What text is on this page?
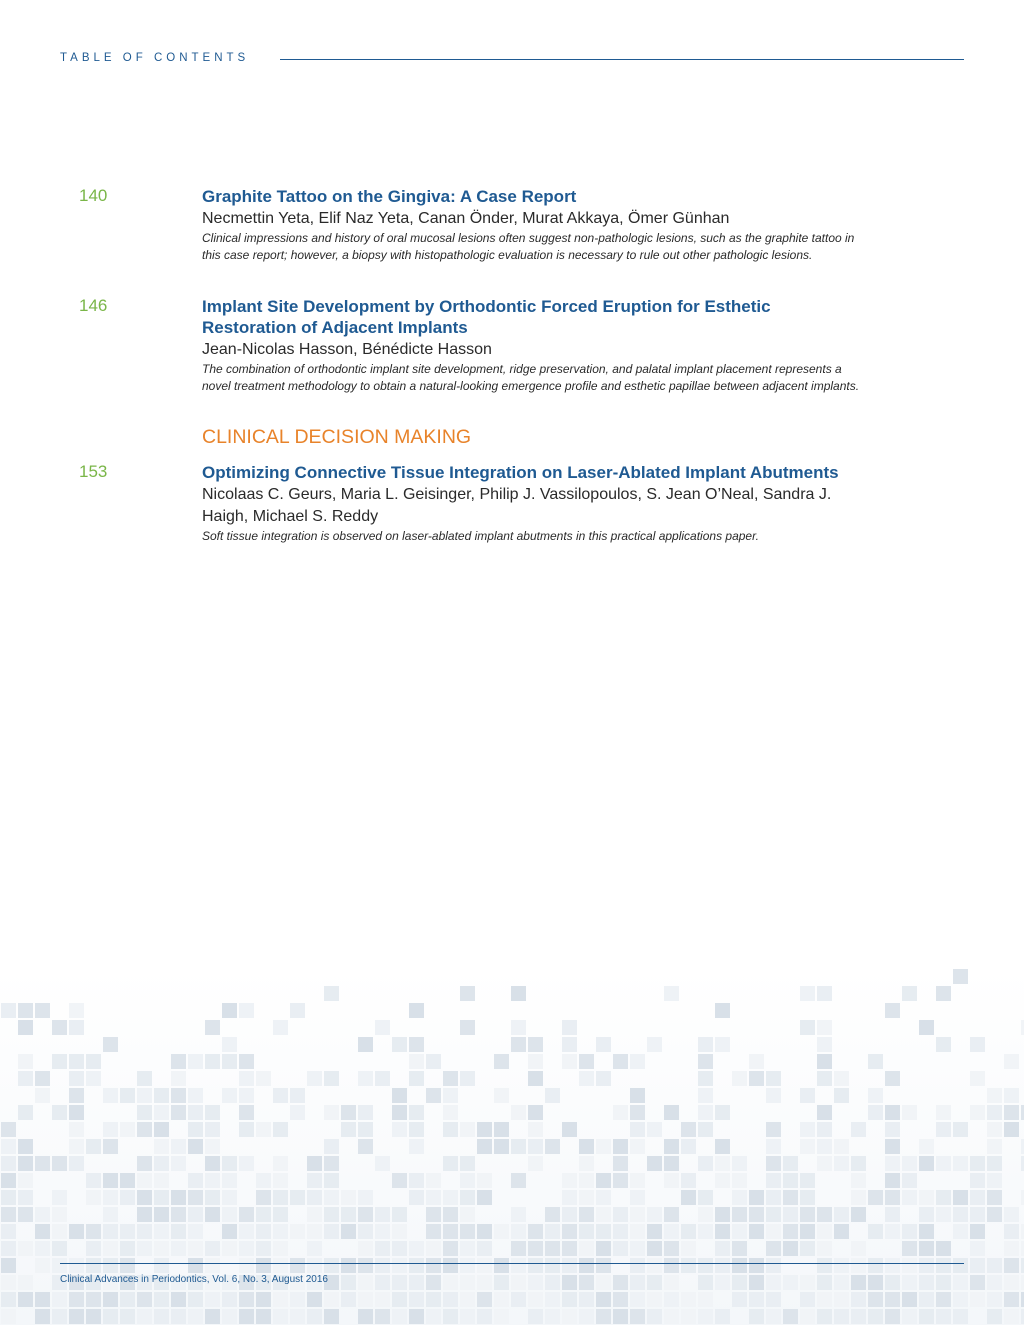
TABLE OF CONTENTS
140	Graphite Tattoo on the Gingiva: A Case Report

Necmettin Yeta, Elif Naz Yeta, Canan Önder, Murat Akkaya, Ömer Günhan

Clinical impressions and history of oral mucosal lesions often suggest non-pathologic lesions, such as the graphite tattoo in this case report; however, a biopsy with histopathologic evaluation is necessary to rule out other pathologic lesions.

146	Implant Site Development by Orthodontic Forced Eruption for Esthetic Restoration of Adjacent Implants

Jean-Nicolas Hasson, Bénédicte Hasson

The combination of orthodontic implant site development, ridge preservation, and palatal implant placement represents a novel treatment methodology to obtain a natural-looking emergence profile and esthetic papillae between adjacent implants.

CLINICAL DECISION MAKING

153	Optimizing Connective Tissue Integration on Laser-Ablated Implant Abutments

Nicolaas C. Geurs, Maria L. Geisinger, Philip J. Vassilopoulos, S. Jean O’Neal, Sandra J. Haigh, Michael S. Reddy

Soft tissue integration is observed on laser-ablated implant abutments in this practical applications paper.

Clinical Advances in Periodontics, Vol. 6, No. 3, August 2016
